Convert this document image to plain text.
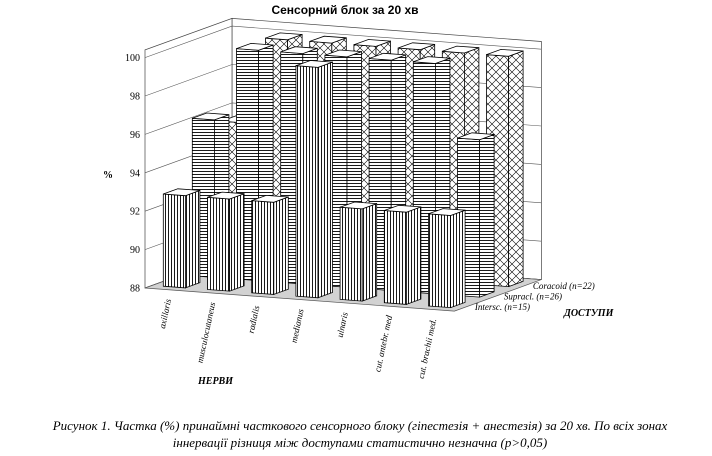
Сенсорний блок за 20 хв
88
90
92
94
96
98
100
axillaris musculocutaneus	radialis	medianus	ulnaris	cut. antebr. med cut. brachii med.
Intersc. (n=15)
Supracl. (n=26)
Coracoid (n=22)
%
НЕРВИ
ДОСТУПИ
Рисунок 1. Частка (%) принаймні часткового сенсорного блоку (гіпестезія + анестезія) за 20 хв. По всіх зонах
іннервації різниця між доступами статистично незначна (p>0,05)
